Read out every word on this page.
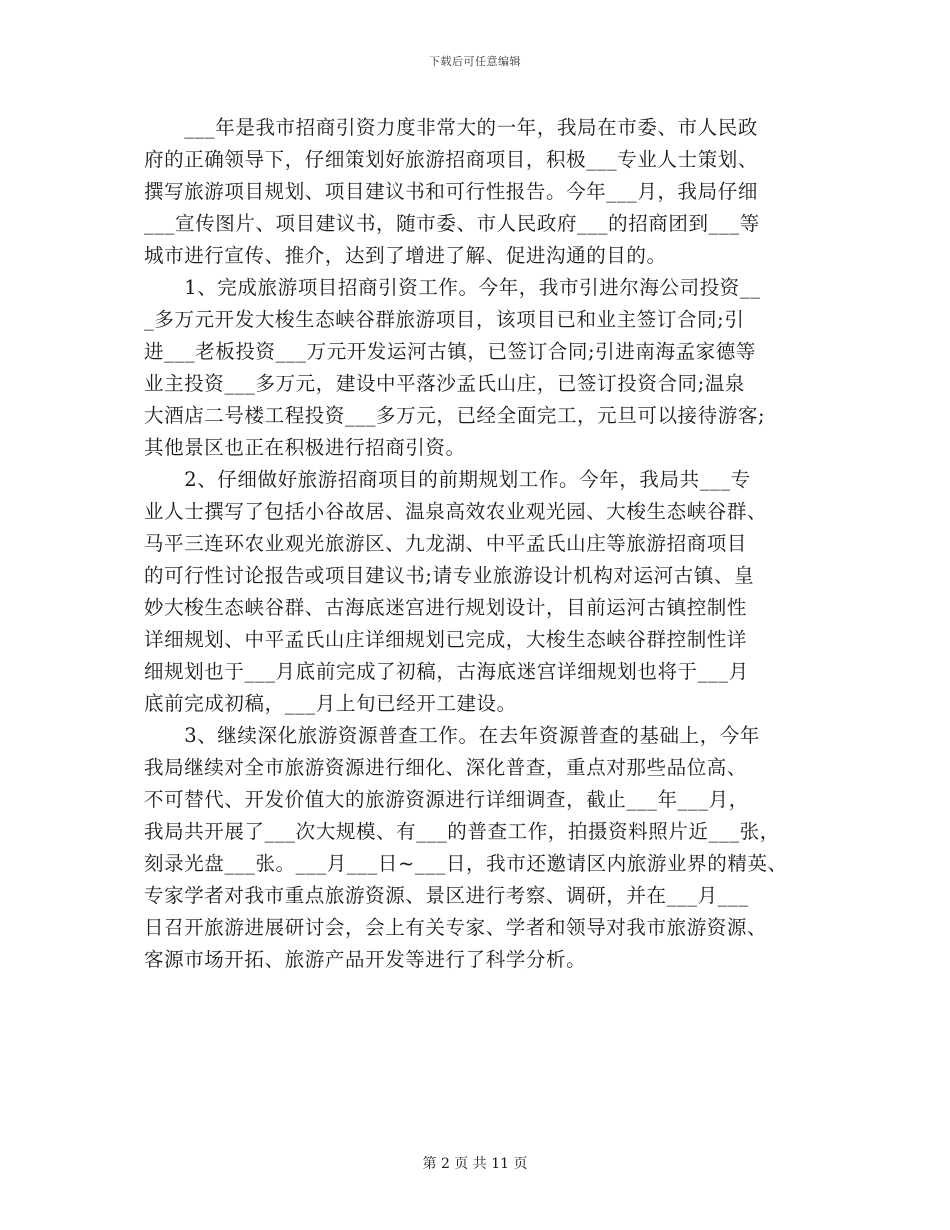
下载后可任意编辑
　　___年是我市招商引资力度非常大的一年，我局在市委、市人民政
府的正确领导下，仔细策划好旅游招商项目，积极___专业人士策划、
撰写旅游项目规划、项目建议书和可行性报告。今年___月，我局仔细
___宣传图片、项目建议书，随市委、市人民政府___的招商团到___等
城市进行宣传、推介，达到了增进了解、促进沟通的目的。
　　1、完成旅游项目招商引资工作。今年，我市引进尔海公司投资__
_多万元开发大梭生态峡谷群旅游项目，该项目已和业主签订合同;引
进___老板投资___万元开发运河古镇，已签订合同;引进南海孟家德等
业主投资___多万元，建设中平落沙孟氏山庄，已签订投资合同;温泉
大酒店二号楼工程投资___多万元，已经全面完工，元旦可以接待游客;
其他景区也正在积极进行招商引资。
　　2、仔细做好旅游招商项目的前期规划工作。今年，我局共___专
业人士撰写了包括小谷故居、温泉高效农业观光园、大梭生态峡谷群、
马平三连环农业观光旅游区、九龙湖、中平孟氏山庄等旅游招商项目
的可行性讨论报告或项目建议书;请专业旅游设计机构对运河古镇、皇
妙大梭生态峡谷群、古海底迷宫进行规划设计，目前运河古镇控制性
详细规划、中平孟氏山庄详细规划已完成，大梭生态峡谷群控制性详
细规划也于___月底前完成了初稿，古海底迷宫详细规划也将于___月
底前完成初稿，___月上旬已经开工建设。
　　3、继续深化旅游资源普查工作。在去年资源普查的基础上，今年
我局继续对全市旅游资源进行细化、深化普查，重点对那些品位高、
不可替代、开发价值大的旅游资源进行详细调查，截止___年___月，
我局共开展了___次大规模、有___的普查工作，拍摄资料照片近___张，
刻录光盘___张。___月___日~___日，我市还邀请区内旅游业界的精英、
专家学者对我市重点旅游资源、景区进行考察、调研，并在___月___
日召开旅游进展研讨会，会上有关专家、学者和领导对我市旅游资源、
客源市场开拓、旅游产品开发等进行了科学分析。
第 2 页 共 11 页
